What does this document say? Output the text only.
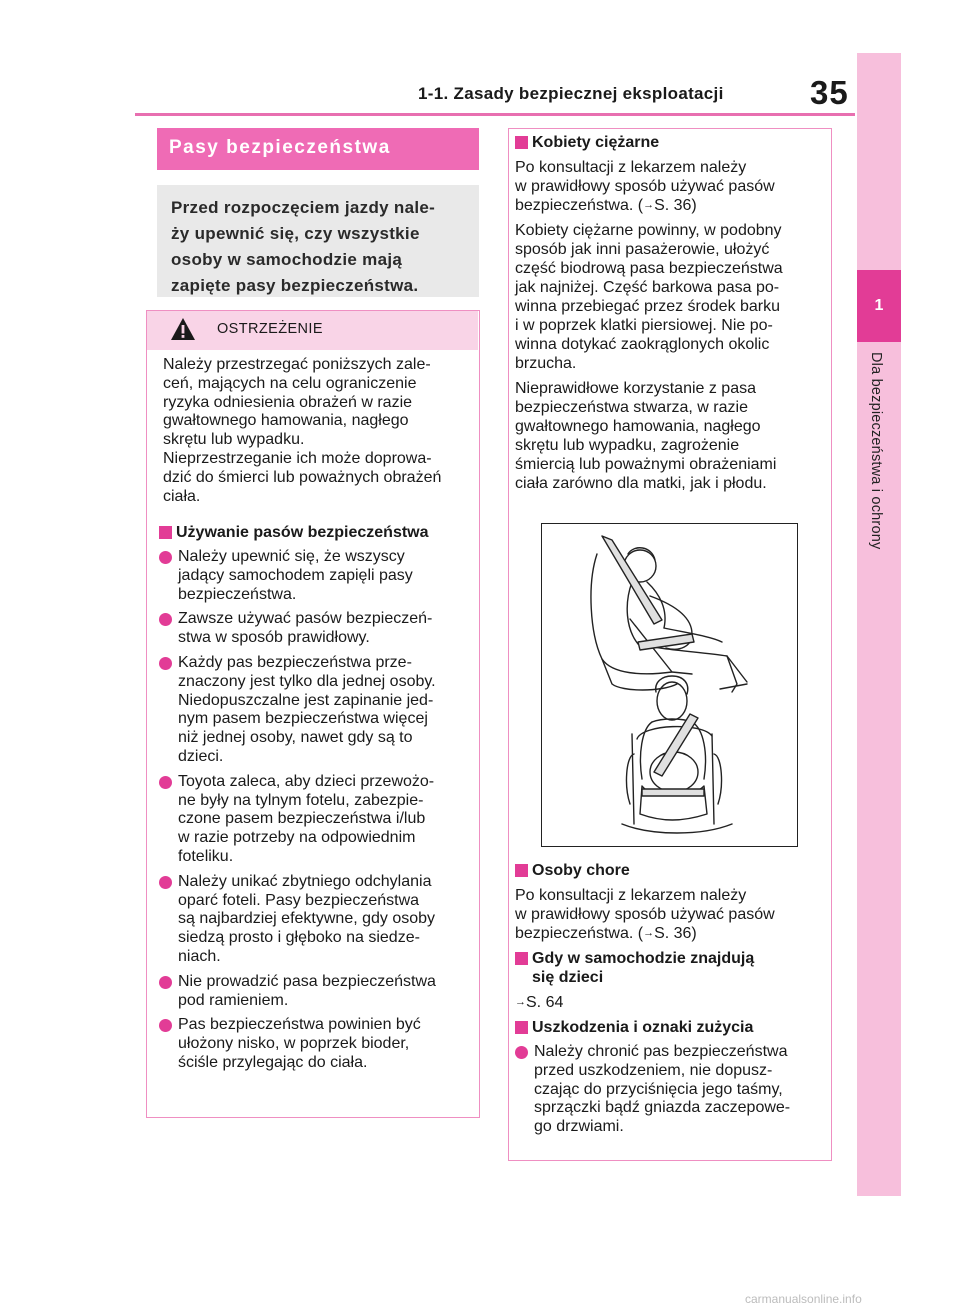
1-1. Zasady bezpiecznej eksploatacji	35
1
Dla bezpieczeństwa i ochrony
Pasy bezpieczeństwa
Przed rozpoczęciem jazdy nale-
ży upewnić się, czy wszystkie
osoby w samochodzie mają
zapięte pasy bezpieczeństwa.
OSTRZEŻENIE
Należy przestrzegać poniższych zale-
ceń, mających na celu ograniczenie
ryzyka odniesienia obrażeń w razie
gwałtownego hamowania, nagłego
skrętu lub wypadku.
Nieprzestrzeganie ich może doprowa-
dzić do śmierci lub poważnych obrażeń
ciała.
Używanie pasów bezpieczeństwa
Należy upewnić się, że wszyscy
jadący samochodem zapięli pasy
bezpieczeństwa.
Zawsze używać pasów bezpieczeń-
stwa w sposób prawidłowy.
Każdy pas bezpieczeństwa prze-
znaczony jest tylko dla jednej osoby.
Niedopuszczalne jest zapinanie jed-
nym pasem bezpieczeństwa więcej
niż jednej osoby, nawet gdy są to
dzieci.
Toyota zaleca, aby dzieci przewożo-
ne były na tylnym fotelu, zabezpie-
czone pasem bezpieczeństwa i/lub
w razie potrzeby na odpowiednim
foteliku.
Należy unikać zbytniego odchylania
oparć foteli. Pasy bezpieczeństwa
są najbardziej efektywne, gdy osoby
siedzą prosto i głęboko na siedze-
niach.
Nie prowadzić pasa bezpieczeństwa
pod ramieniem.
Pas bezpieczeństwa powinien być
ułożony nisko, w poprzek bioder,
ściśle przylegając do ciała.
Kobiety ciężarne
Po konsultacji z lekarzem należy
w prawidłowy sposób używać pasów
bezpieczeństwa. (→S. 36)
Kobiety ciężarne powinny, w podobny
sposób jak inni pasażerowie, ułożyć
część biodrową pasa bezpieczeństwa
jak najniżej. Część barkowa pasa po-
winna przebiegać przez środek barku
i w poprzek klatki piersiowej. Nie po-
winna dotykać zaokrąglonych okolic
brzucha.
Nieprawidłowe korzystanie z pasa
bezpieczeństwa stwarza, w razie
gwałtownego hamowania, nagłego
skrętu lub wypadku, zagrożenie
śmiercią lub poważnymi obrażeniami
ciała zarówno dla matki, jak i płodu.
Osoby chore
Po konsultacji z lekarzem należy
w prawidłowy sposób używać pasów
bezpieczeństwa. (→S. 36)
Gdy w samochodzie znajdują
się dzieci
→S. 64
Uszkodzenia i oznaki zużycia
Należy chronić pas bezpieczeństwa
przed uszkodzeniem, nie dopusz-
czając do przyciśnięcia jego taśmy,
sprzączki bądź gniazda zaczepowe-
go drzwiami.
carmanualsonline.info
